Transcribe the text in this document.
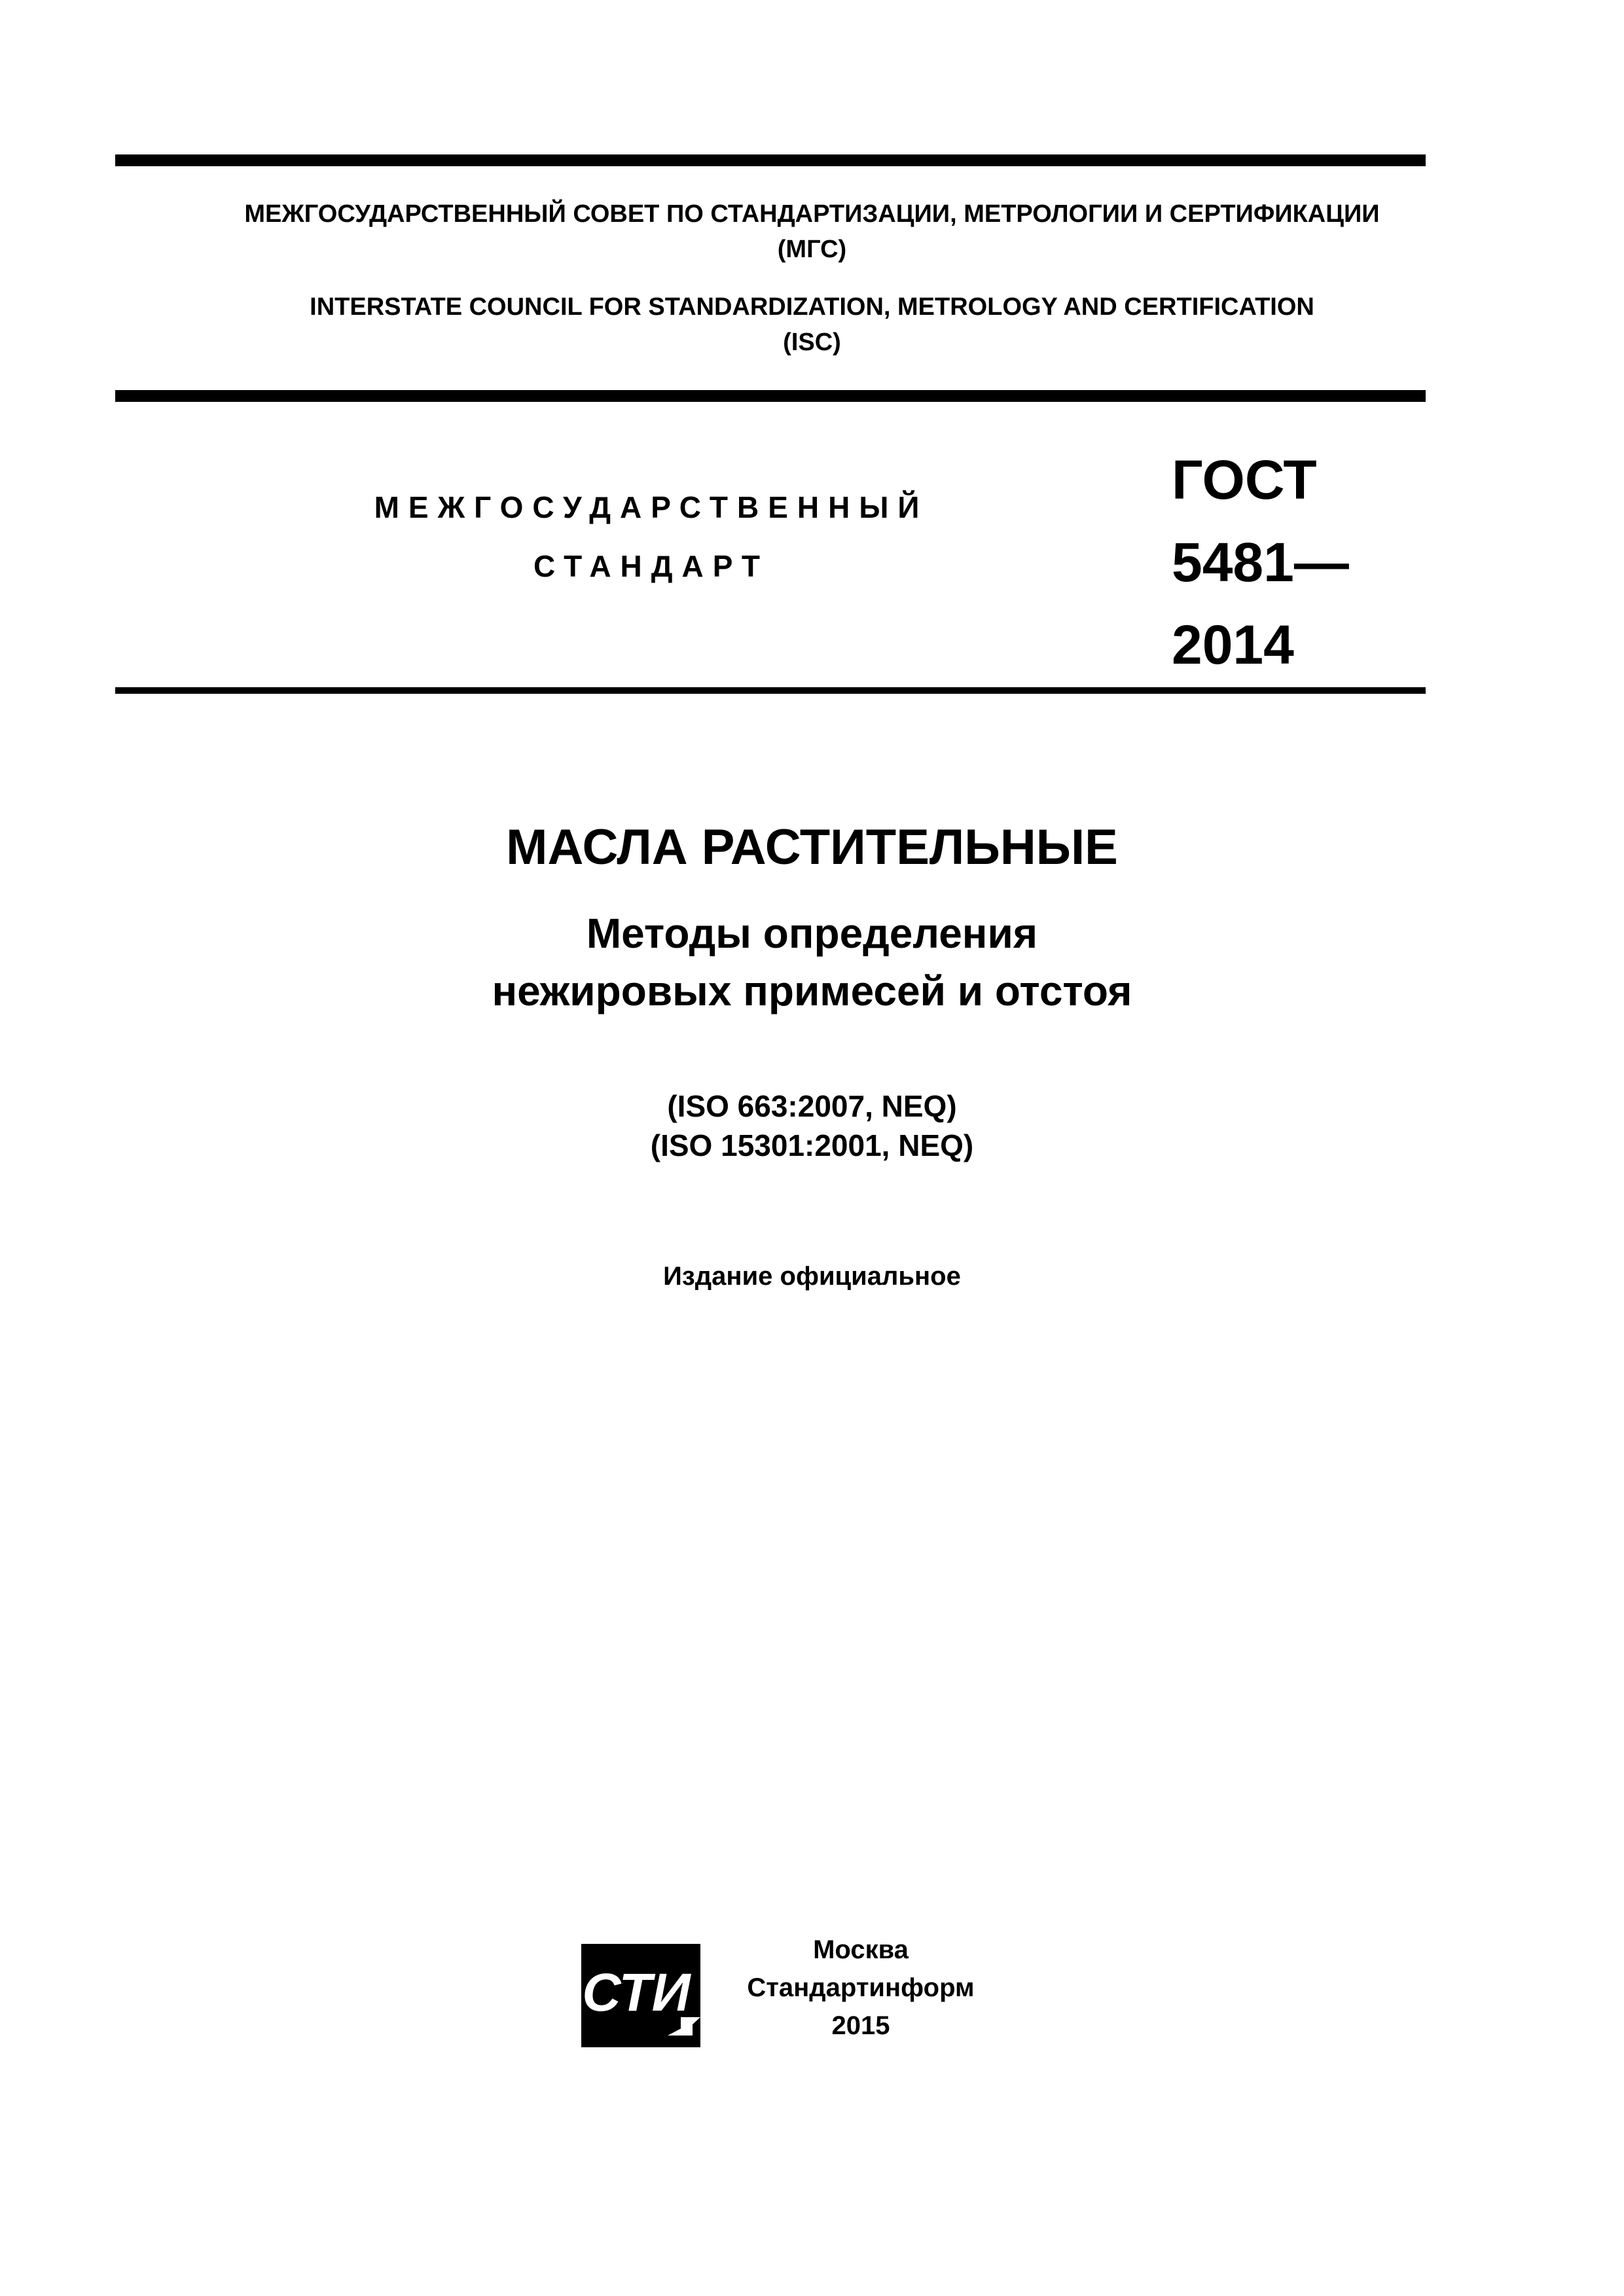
МЕЖГОСУДАРСТВЕННЫЙ СОВЕТ ПО СТАНДАРТИЗАЦИИ, МЕТРОЛОГИИ И СЕРТИФИКАЦИИ
(МГС)
INTERSTATE COUNCIL FOR STANDARDIZATION, METROLOGY AND CERTIFICATION
(ISC)
МЕЖГОСУДАРСТВЕННЫЙ
СТАНДАРТ
ГОСТ
5481—
2014
МАСЛА РАСТИТЕЛЬНЫЕ
Методы определения
нежировых примесей и отстоя
(ISO 663:2007, NEQ)
(ISO 15301:2001, NEQ)
Издание официальное
СТИ
Москва
Стандартинформ
2015
